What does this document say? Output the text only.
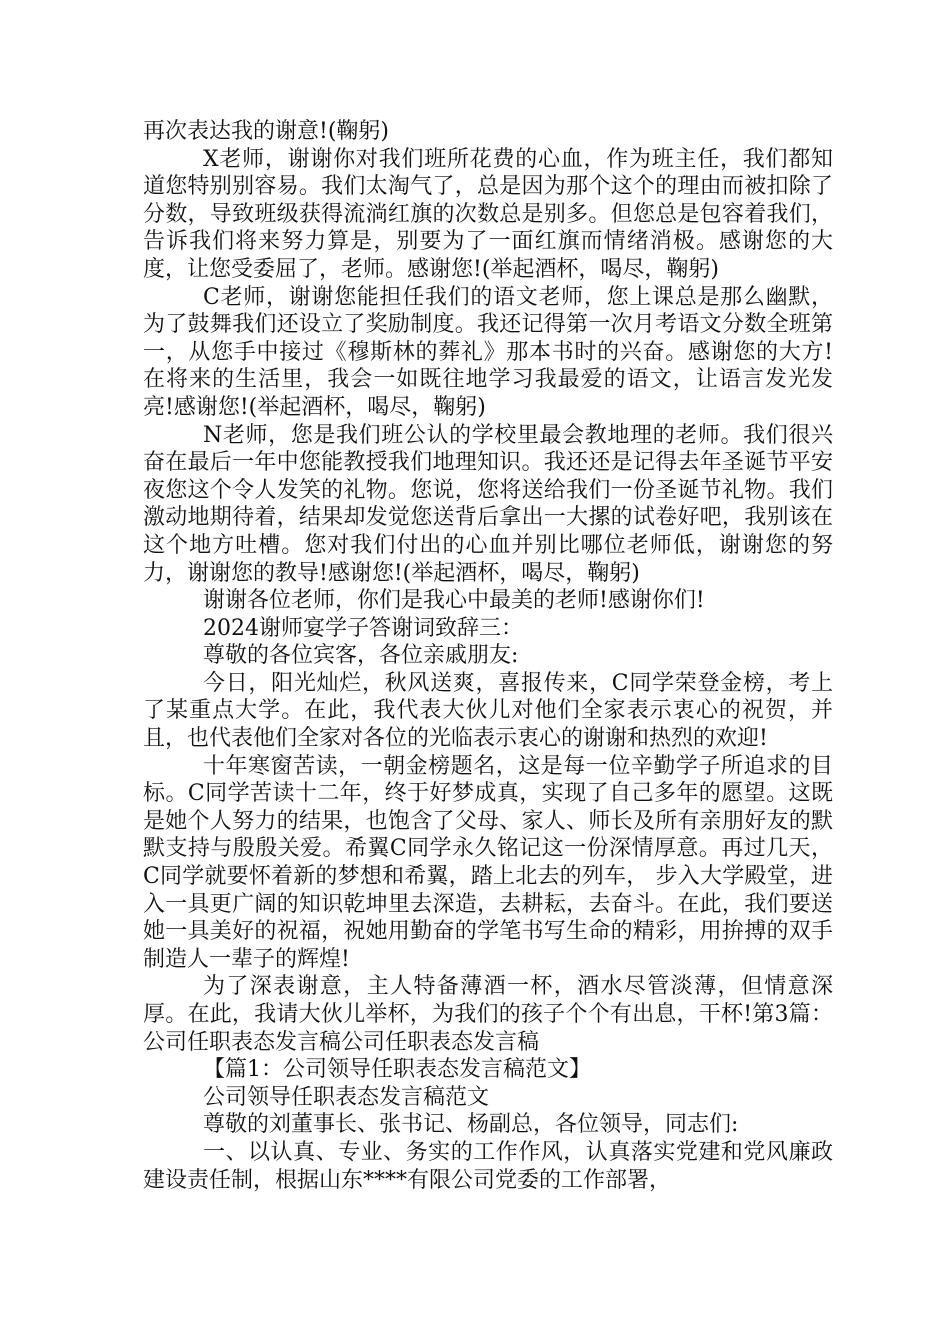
再次表达我的谢意!(鞠躬)

X老师，谢谢你对我们班所花费的心血，作为班主任，我们都知道您特别别容易。我们太淘气了，总是因为那个这个的理由而被扣除了分数，导致班级获得流淌红旗的次数总是别多。但您总是包容着我们，告诉我们将来努力算是，别要为了一面红旗而情绪消极。感谢您的大度，让您受委屈了，老师。感谢您!(举起酒杯，喝尽，鞠躬)

C老师，谢谢您能担任我们的语文老师，您上课总是那么幽默，为了鼓舞我们还设立了奖励制度。我还记得第一次月考语文分数全班第一，从您手中接过《穆斯林的葬礼》那本书时的兴奋。感谢您的大方!在将来的生活里，我会一如既往地学习我最爱的语文，让语言发光发亮!感谢您!(举起酒杯，喝尽，鞠躬)

N老师，您是我们班公认的学校里最会教地理的老师。我们很兴奋在最后一年中您能教授我们地理知识。我还还是记得去年圣诞节平安夜您这个令人发笑的礼物。您说，您将送给我们一份圣诞节礼物。我们激动地期待着，结果却发觉您送背后拿出一大摞的试卷好吧，我别该在这个地方吐槽。您对我们付出的心血并别比哪位老师低，谢谢您的努力，谢谢您的教导!感谢您!(举起酒杯，喝尽，鞠躬)

谢谢各位老师，你们是我心中最美的老师!感谢你们!

2024谢师宴学子答谢词致辞三：

尊敬的各位宾客，各位亲戚朋友:

今日，阳光灿烂，秋风送爽，喜报传来，C同学荣登金榜，考上了某重点大学。在此，我代表大伙儿对他们全家表示衷心的祝贺，并且，也代表他们全家对各位的光临表示衷心的谢谢和热烈的欢迎!

十年寒窗苦读，一朝金榜题名，这是每一位辛勤学子所追求的目标。C同学苦读十二年，终于好梦成真，实现了自己多年的愿望。这既是她个人努力的结果，也饱含了父母、家人、师长及所有亲朋好友的默默支持与殷殷关爱。希翼C同学永久铭记这一份深情厚意。再过几天，C同学就要怀着新的梦想和希翼，踏上北去的列车， 步入大学殿堂，进入一具更广阔的知识乾坤里去深造，去耕耘，去奋斗。在此，我们要送她一具美好的祝福，祝她用勤奋的学笔书写生命的精彩，用拚搏的双手制造人一辈子的辉煌!

为了深表谢意，主人特备薄酒一杯，酒水尽管淡薄，但情意深厚。在此，我请大伙儿举杯，为我们的孩子个个有出息，干杯!第3篇：公司任职表态发言稿公司任职表态发言稿

【篇1：公司领导任职表态发言稿范文】

公司领导任职表态发言稿范文

尊敬的刘董事长、张书记、杨副总，各位领导，同志们:

一、以认真、专业、务实的工作作风，认真落实党建和党风廉政建设责任制，根据山东****有限公司党委的工作部署，
